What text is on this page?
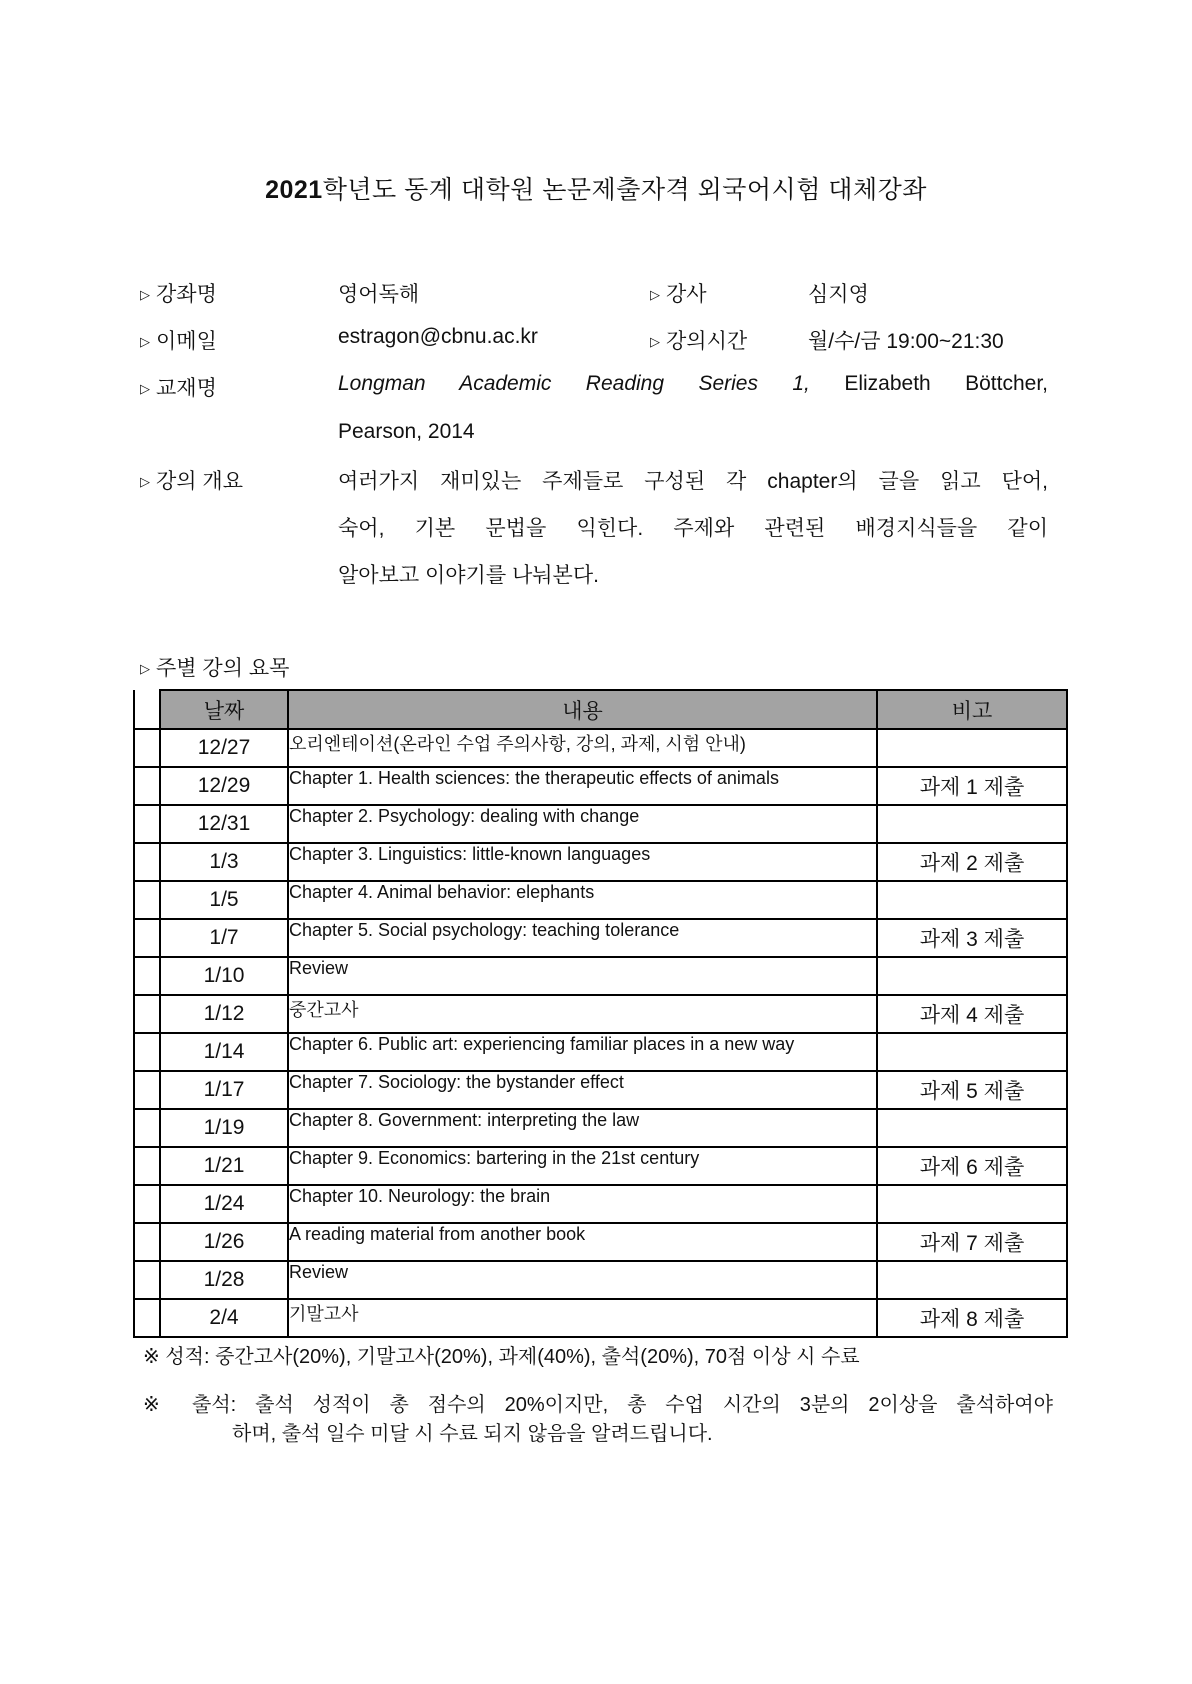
2021학년도 동계 대학원 논문제출자격 외국어시험 대체강좌
▷ 강좌명	영어독해	▷ 강사	심지영
▷ 이메일	estragon@cbnu.ac.kr	▷ 강의시간	월/수/금 19:00~21:30
▷ 교재명	Longman Academic Reading Series 1, Elizabeth Böttcher,
Pearson, 2014
▷ 강의 개요	여러가지 재미있는 주제들로 구성된 각 chapter의 글을 읽고 단어,
숙어, 기본 문법을 익힌다. 주제와 관련된 배경지식들을 같이
알아보고 이야기를 나눠본다.
▷ 주별 강의 요목
	날짜	내용	비고
	12/27	오리엔테이션(온라인 수업 주의사항, 강의, 과제, 시험 안내)	
	12/29	Chapter 1. Health sciences: the therapeutic effects of animals	과제 1 제출
	12/31	Chapter 2. Psychology: dealing with change	
	1/3	Chapter 3. Linguistics: little-known languages	과제 2 제출
	1/5	Chapter 4. Animal behavior: elephants	
	1/7	Chapter 5. Social psychology: teaching tolerance	과제 3 제출
	1/10	Review	
	1/12	중간고사	과제 4 제출
	1/14	Chapter 6. Public art: experiencing familiar places in a new way	
	1/17	Chapter 7. Sociology: the bystander effect	과제 5 제출
	1/19	Chapter 8. Government: interpreting the law	
	1/21	Chapter 9. Economics: bartering in the 21st century	과제 6 제출
	1/24	Chapter 10. Neurology: the brain	
	1/26	A reading material from another book	과제 7 제출
	1/28	Review	
	2/4	기말고사	과제 8 제출
※ 성적: 중간고사(20%), 기말고사(20%), 과제(40%), 출석(20%), 70점 이상 시 수료
※ 출석: 출석 성적이 총 점수의 20%이지만, 총 수업 시간의 3분의 2이상을 출석하여야
하며, 출석 일수 미달 시 수료 되지 않음을 알려드립니다.
